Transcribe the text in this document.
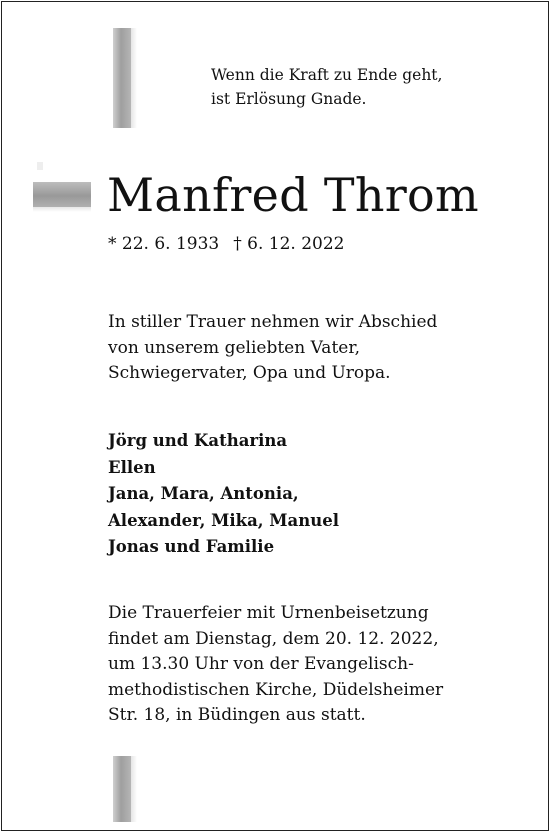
Wenn die Kraft zu Ende geht,
ist Erlösung Gnade.
Manfred Throm
* 22. 6. 1933 † 6. 12. 2022
In stiller Trauer nehmen wir Abschied
von unserem geliebten Vater,
Schwiegervater, Opa und Uropa.
Jörg und Katharina
Ellen
Jana, Mara, Antonia,
Alexander, Mika, Manuel
Jonas und Familie
Die Trauerfeier mit Urnenbeisetzung
findet am Dienstag, dem 20. 12. 2022,
um 13.30 Uhr von der Evangelisch-
methodistischen Kirche, Düdelsheimer
Str. 18, in Büdingen aus statt.
